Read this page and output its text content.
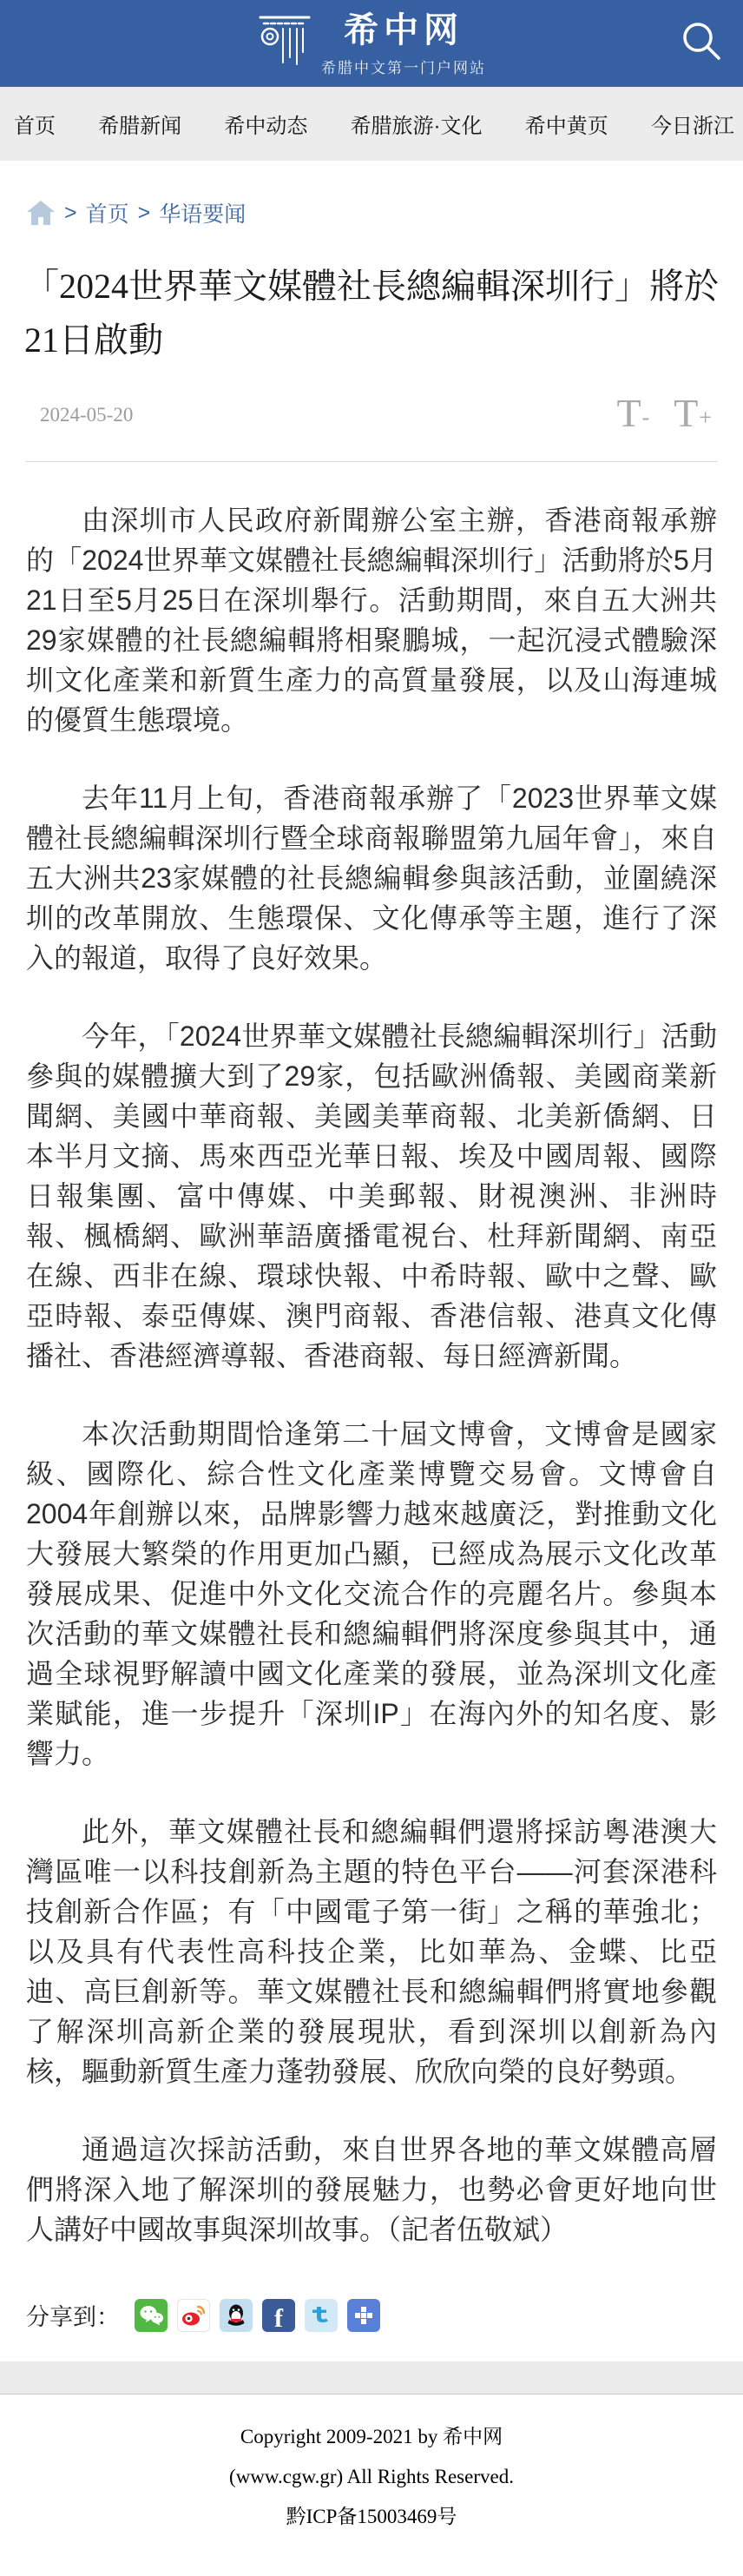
希中网
希腊中文第一门户网站
首页 希腊新闻 希中动态 希腊旅游·文化 希中黄页 今日浙江
> 首页 > 华语要闻
「2024世界華文媒體社長總編輯深圳行」將於21日啟動
2024-05-20	T- T+

由深圳市人民政府新聞辦公室主辦，香港商報承辦的「2024世界華文媒體社長總編輯深圳行」活動將於5月21日至5月25日在深圳舉行。活動期間，來自五大洲共29家媒體的社長總編輯將相聚鵬城，一起沉浸式體驗深圳文化產業和新質生產力的高質量發展，以及山海連城的優質生態環境。

去年11月上旬，香港商報承辦了「2023世界華文媒體社長總編輯深圳行暨全球商報聯盟第九屆年會」，來自五大洲共23家媒體的社長總編輯參與該活動，並圍繞深圳的改革開放、生態環保、文化傳承等主題，進行了深入的報道，取得了良好效果。

今年，「2024世界華文媒體社長總編輯深圳行」活動參與的媒體擴大到了29家，包括歐洲僑報、美國商業新聞網、美國中華商報、美國美華商報、北美新僑網、日本半月文摘、馬來西亞光華日報、埃及中國周報、國際日報集團、富中傳媒、中美郵報、財視澳洲、非洲時報、楓橋網、歐洲華語廣播電視台、杜拜新聞網、南亞在線、西非在線、環球快報、中希時報、歐中之聲、歐亞時報、泰亞傳媒、澳門商報、香港信報、港真文化傳播社、香港經濟導報、香港商報、每日經濟新聞。

本次活動期間恰逢第二十屆文博會，文博會是國家級、國際化、綜合性文化產業博覽交易會。文博會自2004年創辦以來，品牌影響力越來越廣泛，對推動文化大發展大繁榮的作用更加凸顯，已經成為展示文化改革發展成果、促進中外文化交流合作的亮麗名片。參與本次活動的華文媒體社長和總編輯們將深度參與其中，通過全球視野解讀中國文化產業的發展，並為深圳文化產業賦能，進一步提升「深圳IP」在海內外的知名度、影響力。

此外，華文媒體社長和總編輯們還將採訪粵港澳大灣區唯一以科技創新為主題的特色平台——河套深港科技創新合作區；有「中國電子第一街」之稱的華強北；以及具有代表性高科技企業，比如華為、金蝶、比亞迪、高巨創新等。華文媒體社長和總編輯們將實地參觀了解深圳高新企業的發展現狀，看到深圳以創新為內核，驅動新質生產力蓬勃發展、欣欣向榮的良好勢頭。

通過這次採訪活動，來自世界各地的華文媒體高層們將深入地了解深圳的發展魅力，也勢必會更好地向世人講好中國故事與深圳故事。（記者伍敬斌）

分享到：	f

Copyright 2009-2021 by 希中网

(www.cgw.gr) All Rights Reserved.

黔ICP备15003469号
